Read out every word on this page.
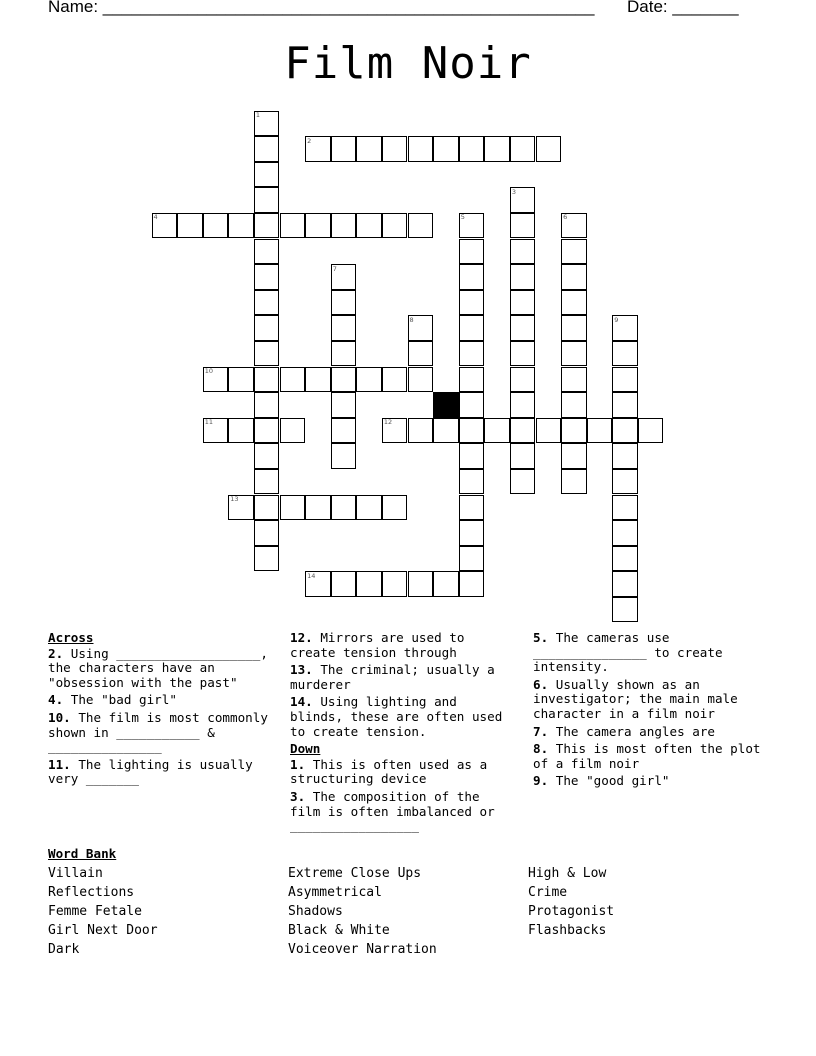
Name: ____________________________________________________ Date: _______
Film Noir
1
2
3
4	5	6
7
8	9
10
11	12
13
14
Across
2. Using ___________________, the characters have an "obsession with the past"
4. The "bad girl"
10. The film is most commonly shown in ___________ & _______________
11. The lighting is usually very _______
12. Mirrors are used to create tension through
13. The criminal; usually a murderer
14. Using lighting and blinds, these are often used to create tension.
Down
1. This is often used as a structuring device
3. The composition of the film is often imbalanced or _________________
5. The cameras use _______________ to create intensity.
6. Usually shown as an investigator; the main male character in a film noir
7. The camera angles are
8. This is most often the plot of a film noir
9. The "good girl"
Word Bank
Villain
Reflections
Femme Fetale
Girl Next Door
Dark
Extreme Close Ups
Asymmetrical
Shadows
Black & White
Voiceover Narration
High & Low
Crime
Protagonist
Flashbacks
